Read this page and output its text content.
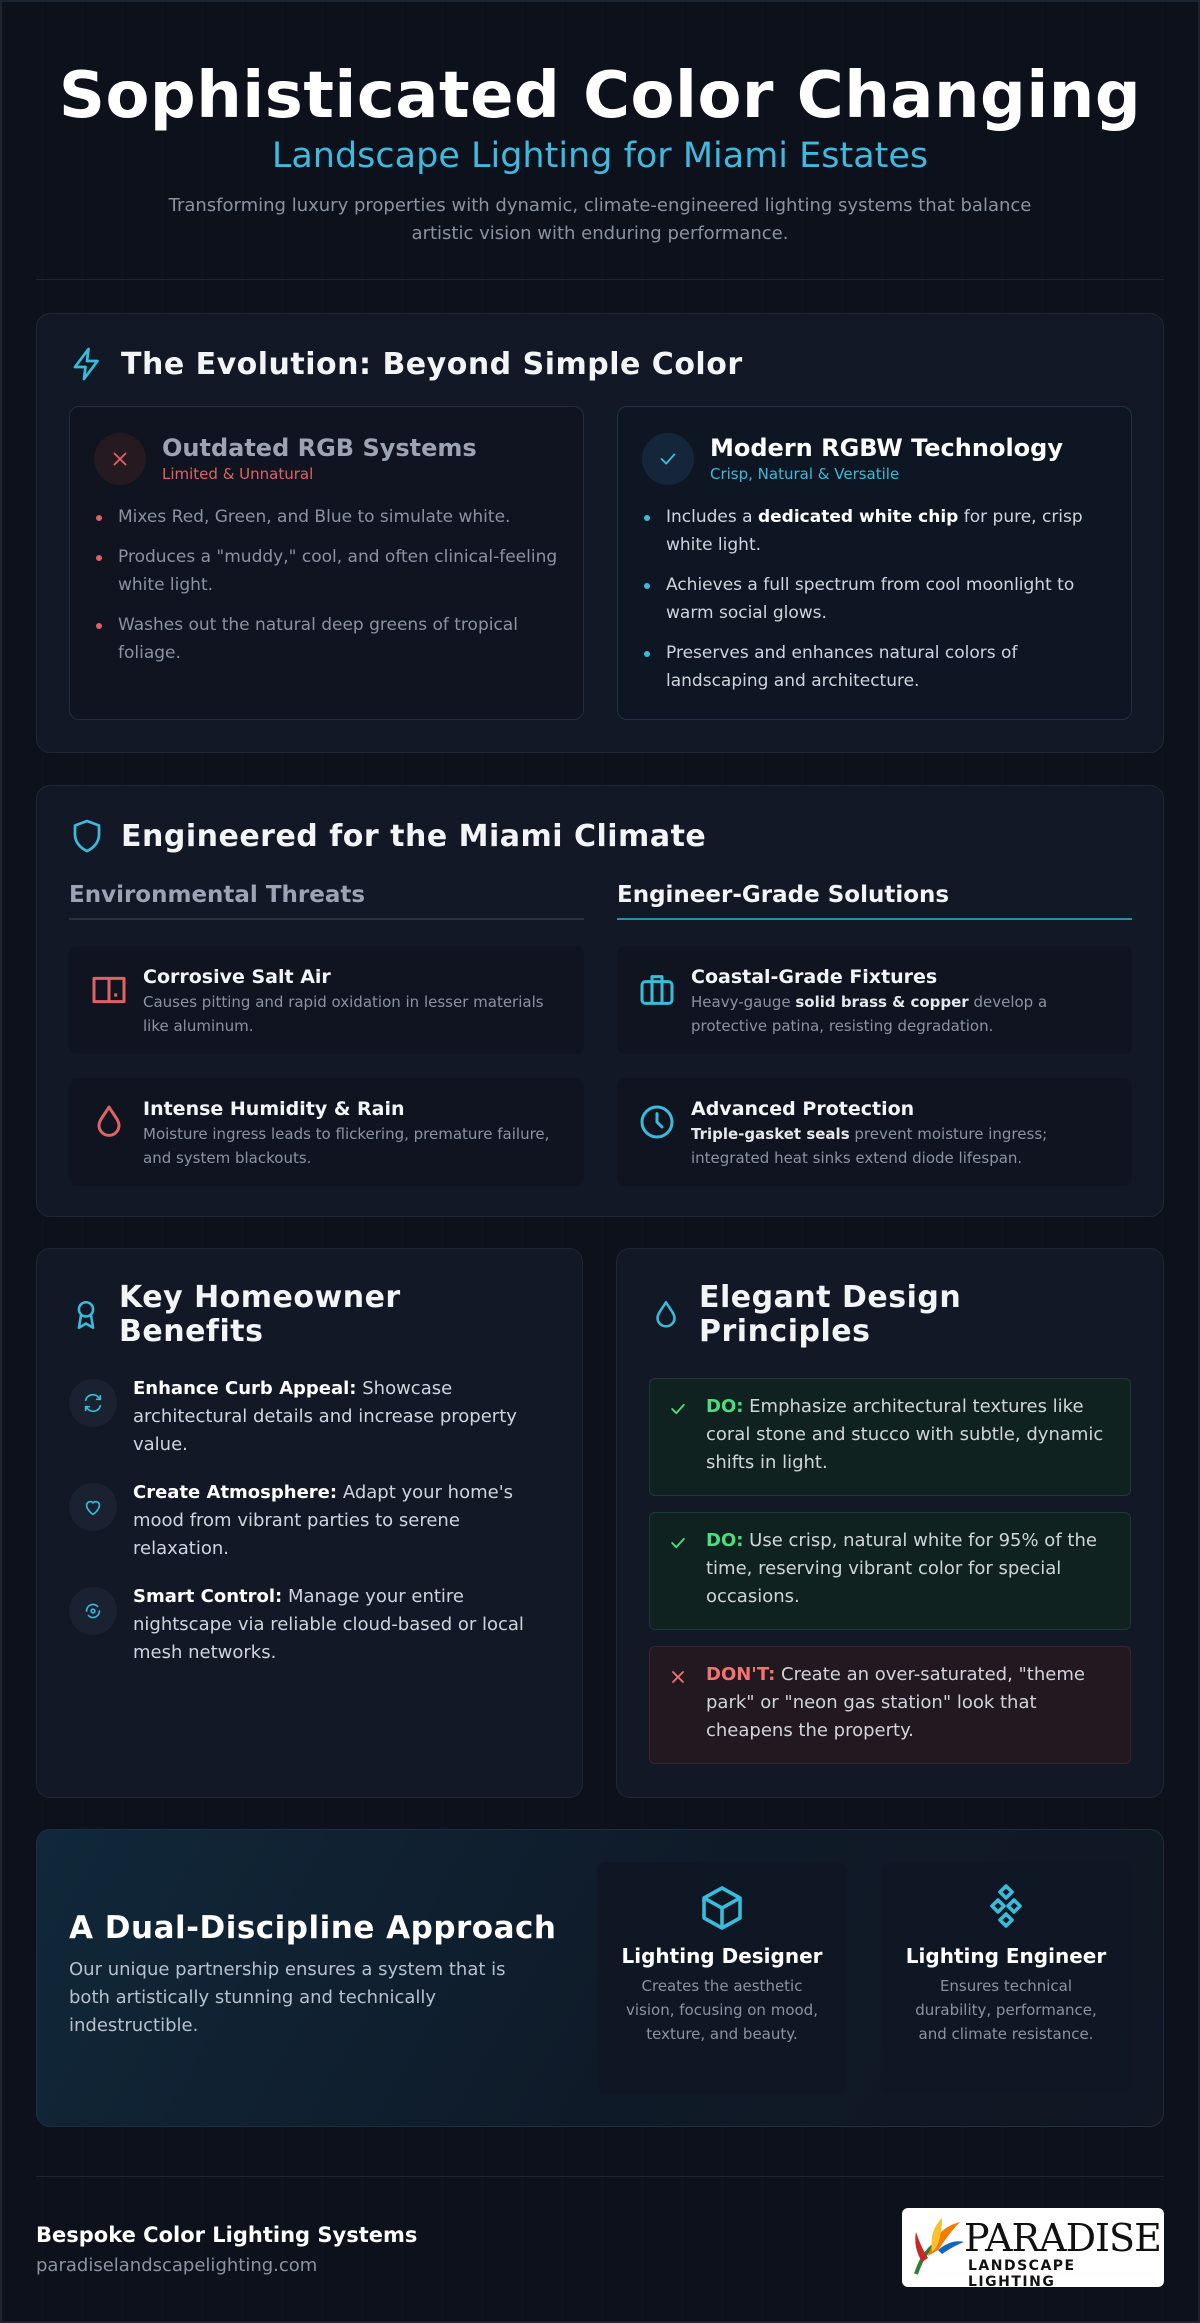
Sophisticated Color Changing
Landscape Lighting for Miami Estates

Transforming luxury properties with dynamic, climate-engineered lighting systems that balance artistic vision with enduring performance.

The Evolution: Beyond Simple Color
Outdated RGB Systems
Limited & Unnatural
Mixes Red, Green, and Blue to simulate white.
Produces a "muddy," cool, and often clinical-feeling white light.
Washes out the natural deep greens of tropical foliage.
Modern RGBW Technology
Crisp, Natural & Versatile
Includes a dedicated white chip for pure, crisp white light.
Achieves a full spectrum from cool moonlight to warm social glows.
Preserves and enhances natural colors of landscaping and architecture.
Engineered for the Miami Climate
Environmental Threats	Engineer-Grade Solutions
Corrosive Salt Air

Causes pitting and rapid oxidation in lesser materials like aluminum.

Intense Humidity & Rain

Moisture ingress leads to flickering, premature failure, and system blackouts.

Coastal-Grade Fixtures

Heavy-gauge solid brass & copper develop a protective patina, resisting degradation.

Advanced Protection

Triple-gasket seals prevent moisture ingress; integrated heat sinks extend diode lifespan.

Key Homeowner Benefits

Enhance Curb Appeal: Showcase architectural details and increase property value.

Create Atmosphere: Adapt your home's mood from vibrant parties to serene relaxation.

Smart Control: Manage your entire nightscape via reliable cloud-based or local mesh networks.

Elegant Design Principles
DO: Emphasize architectural textures like coral stone and stucco with subtle, dynamic shifts in light.
DO: Use crisp, natural white for 95% of the time, reserving vibrant color for special occasions.
DON'T: Create an over-saturated, "theme park" or "neon gas station" look that cheapens the property.
A Dual-Discipline Approach

Our unique partnership ensures a system that is both artistically stunning and technically indestructible.

Lighting Designer

Creates the aesthetic vision, focusing on mood, texture, and beauty.

Lighting Engineer

Ensures technical durability, performance, and climate resistance.

Bespoke Color Lighting Systems
paradiselandscapelighting.com
PARADISE
LANDSCAPE LIGHTING
